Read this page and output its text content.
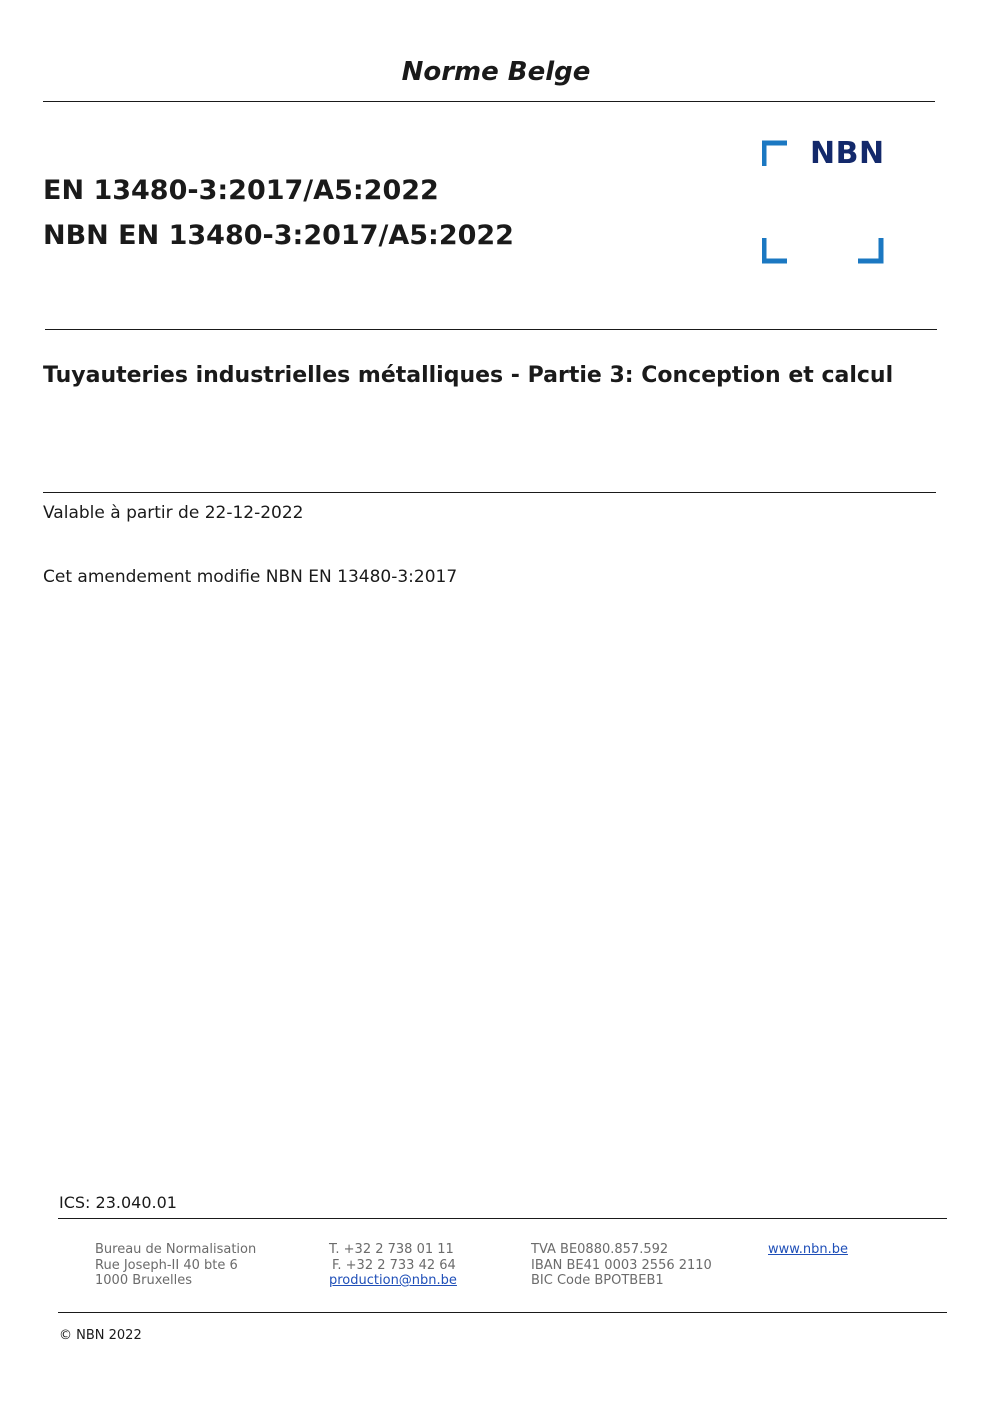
Norme Belge
EN 13480-3:2017/A5:2022
NBN EN 13480-3:2017/A5:2022
NBN
Tuyauteries industrielles métalliques - Partie 3: Conception et calcul
Valable à partir de 22-12-2022
Cet amendement modifie NBN EN 13480-3:2017
ICS: 23.040.01
Bureau de Normalisation
Rue Joseph-II 40 bte 6
1000 Bruxelles
T. +32 2 738 01 11
F. +32 2 733 42 64
production@nbn.be
TVA BE0880.857.592
IBAN BE41 0003 2556 2110
BIC Code BPOTBEB1
www.nbn.be
© NBN 2022
